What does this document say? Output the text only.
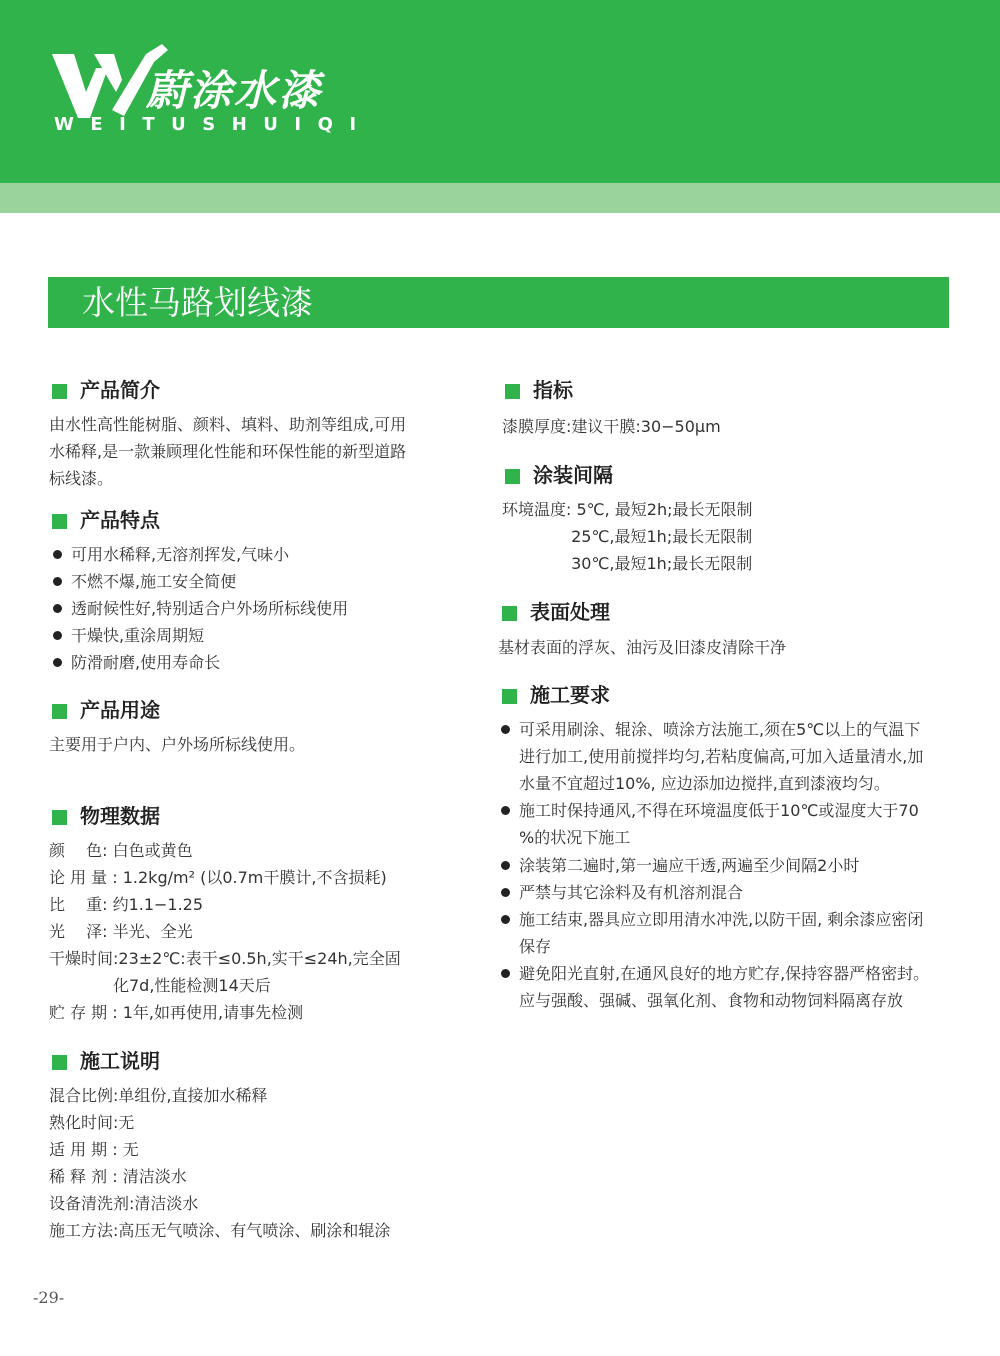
蔚涂水漆
WEITUSHUIQI
水性马路划线漆
产品简介
由水性高性能树脂、颜料、填料、助剂等组成,可用
水稀释,是一款兼顾理化性能和环保性能的新型道路
标线漆。
产品特点
可用水稀释,无溶剂挥发,气味小
不燃不爆,施工安全简便
透耐候性好,特别适合户外场所标线使用
干燥快,重涂周期短
防滑耐磨,使用寿命长
产品用途
主要用于户内、户外场所标线使用。
物理数据
颜　 色: 白色或黄色
论 用 量 : 1.2kg/m² (以0.7m干膜计,不含损耗)
比　 重: 约1.1−1.25
光　 泽: 半光、全光
干燥时间:23±2℃:表干≤0.5h,实干≤24h,完全固
　　　　化7d,性能检测14天后
贮 存 期 : 1年,如再使用,请事先检测
施工说明
混合比例:单组份,直接加水稀释
熟化时间:无
适 用 期 : 无
稀 释 剂 : 清洁淡水
设备清洗剂:清洁淡水
施工方法:高压无气喷涂、有气喷涂、刷涂和辊涂
指标
漆膜厚度:建议干膜:30−50μm
涂装间隔
环境温度: 5℃, 最短2h;最长无限制
　　　　 25℃,最短1h;最长无限制
　　　　 30℃,最短1h;最长无限制
表面处理
基材表面的浮灰、油污及旧漆皮清除干净
施工要求
可采用刷涂、辊涂、喷涂方法施工,须在5℃以上的气温下
进行加工,使用前搅拌均匀,若粘度偏高,可加入适量清水,加
水量不宜超过10%, 应边添加边搅拌,直到漆液均匀。
施工时保持通风,不得在环境温度低于10℃或湿度大于70
%的状况下施工
涂装第二遍时,第一遍应干透,两遍至少间隔2小时
严禁与其它涂料及有机溶剂混合
施工结束,器具应立即用清水冲洗,以防干固, 剩余漆应密闭
保存
避免阳光直射,在通风良好的地方贮存,保持容器严格密封。
应与强酸、强碱、强氧化剂、食物和动物饲料隔离存放
-29-
